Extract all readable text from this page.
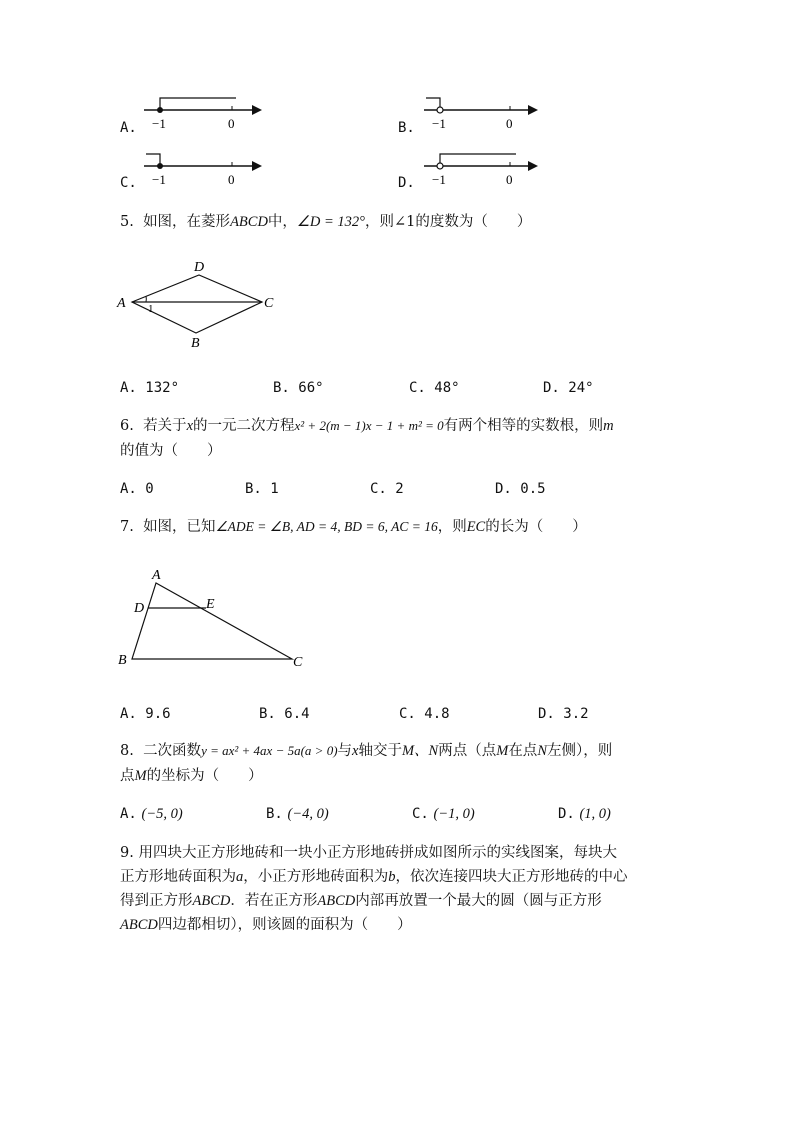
A. −1	0	B. −1	0
C. −1	0	D. −1	0
5. 如图，在菱形ABCD中，∠D = 132°，则∠1的度数为（　　）
A
D
C
B
1
A. 132°	B. 66°	C. 48°	D. 24°
6. 若关于x的一元二次方程x² + 2(m − 1)x − 1 + m² = 0有两个相等的实数根，则m
的值为（　　）
A. 0	B. 1	C. 2	D. 0.5
7. 如图，已知∠ADE = ∠B, AD = 4, BD = 6, AC = 16，则EC的长为（　　）
A
D	E
B	C
A. 9.6	B. 6.4	C. 4.8	D. 3.2
8. 二次函数y = ax² + 4ax − 5a(a > 0)与x轴交于M、N两点（点M在点N左侧），则
点M的坐标为（　　）
A. (−5, 0)	B. (−4, 0)	C. (−1, 0)	D. (1, 0)
9. 用四块大正方形地砖和一块小正方形地砖拼成如图所示的实线图案，每块大
正方形地砖面积为a，小正方形地砖面积为b，依次连接四块大正方形地砖的中心
得到正方形ABCD．若在正方形ABCD内部再放置一个最大的圆（圆与正方形
ABCD四边都相切），则该圆的面积为（　　）
